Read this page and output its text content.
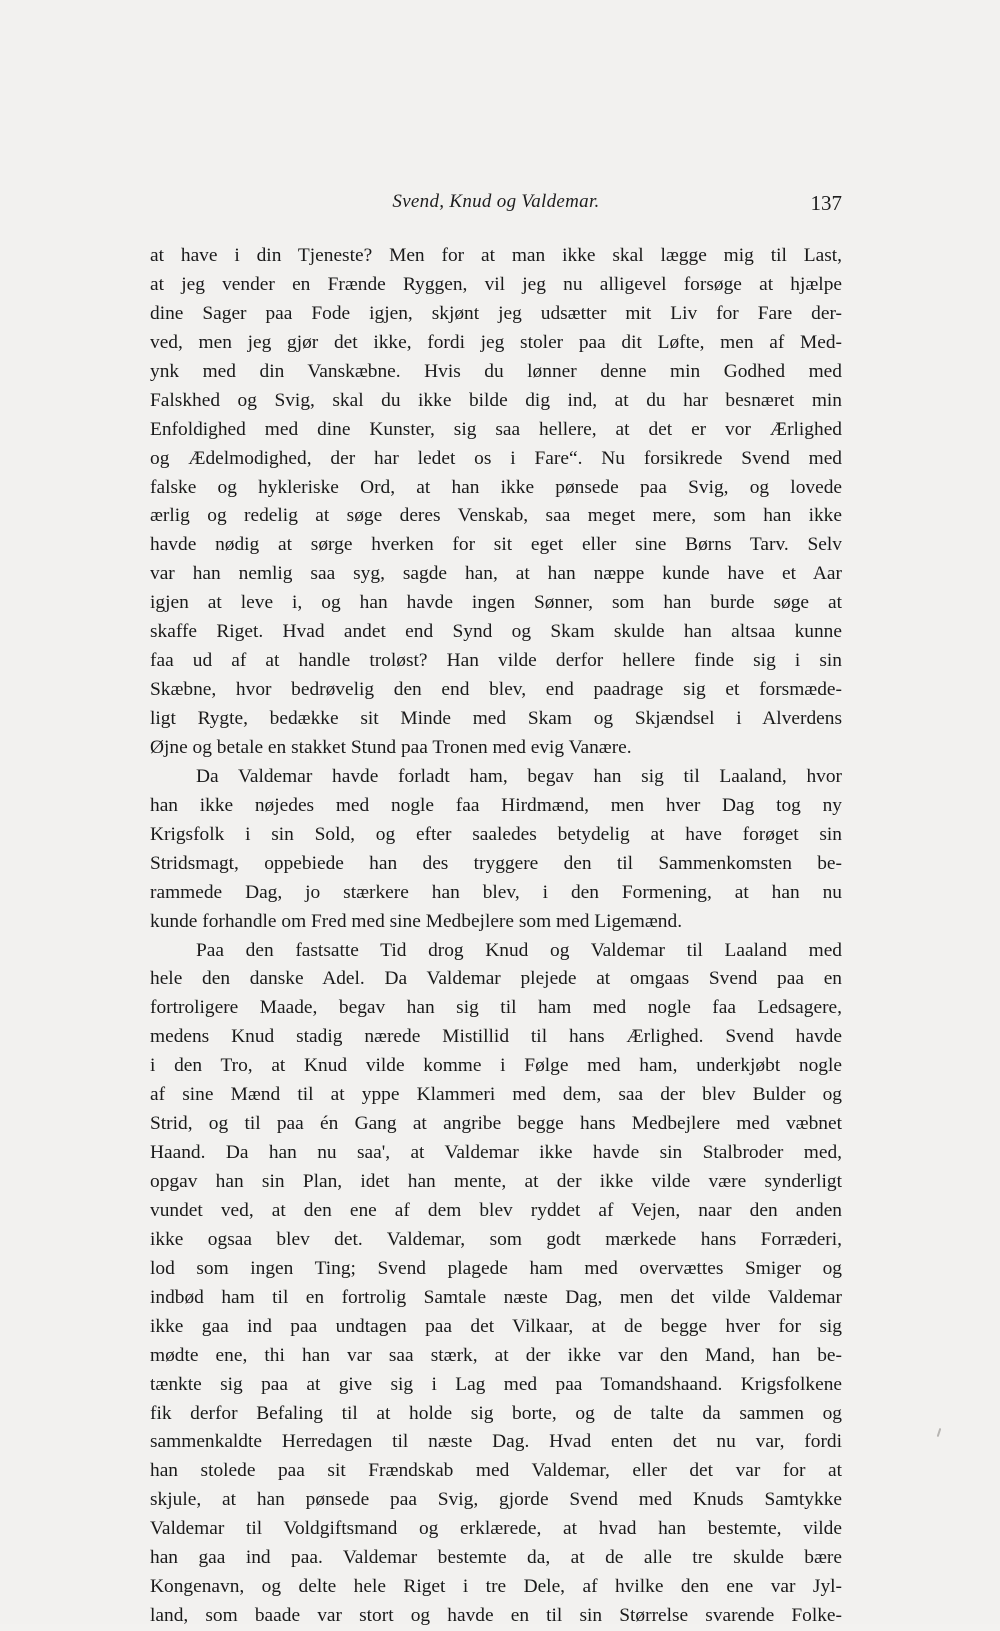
Svend, Knud og Valdemar.	137
at have i din Tjeneste? Men for at man ikke skal lægge mig til Last,
at jeg vender en Frænde Ryggen, vil jeg nu alligevel forsøge at hjælpe
dine Sager paa Fode igjen, skjønt jeg udsætter mit Liv for Fare der-
ved, men jeg gjør det ikke, fordi jeg stoler paa dit Løfte, men af Med-
ynk med din Vanskæbne. Hvis du lønner denne min Godhed med
Falskhed og Svig, skal du ikke bilde dig ind, at du har besnæret min
Enfoldighed med dine Kunster, sig saa hellere, at det er vor Ærlighed
og Ædelmodighed, der har ledet os i Fare“. Nu forsikrede Svend med
falske og hykleriske Ord, at han ikke pønsede paa Svig, og lovede
ærlig og redelig at søge deres Venskab, saa meget mere, som han ikke
havde nødig at sørge hverken for sit eget eller sine Børns Tarv. Selv
var han nemlig saa syg, sagde han, at han næppe kunde have et Aar
igjen at leve i, og han havde ingen Sønner, som han burde søge at
skaffe Riget. Hvad andet end Synd og Skam skulde han altsaa kunne
faa ud af at handle troløst? Han vilde derfor hellere finde sig i sin
Skæbne, hvor bedrøvelig den end blev, end paadrage sig et forsmæde-
ligt Rygte, bedække sit Minde med Skam og Skjændsel i Alverdens
Øjne og betale en stakket Stund paa Tronen med evig Vanære.
Da Valdemar havde forladt ham, begav han sig til Laaland, hvor
han ikke nøjedes med nogle faa Hirdmænd, men hver Dag tog ny
Krigsfolk i sin Sold, og efter saaledes betydelig at have forøget sin
Stridsmagt, oppebiede han des tryggere den til Sammenkomsten be-
rammede Dag, jo stærkere han blev, i den Formening, at han nu
kunde forhandle om Fred med sine Medbejlere som med Ligemænd.
Paa den fastsatte Tid drog Knud og Valdemar til Laaland med
hele den danske Adel. Da Valdemar plejede at omgaas Svend paa en
fortroligere Maade, begav han sig til ham med nogle faa Ledsagere,
medens Knud stadig nærede Mistillid til hans Ærlighed. Svend havde
i den Tro, at Knud vilde komme i Følge med ham, underkjøbt nogle
af sine Mænd til at yppe Klammeri med dem, saa der blev Bulder og
Strid, og til paa én Gang at angribe begge hans Medbejlere med væbnet
Haand. Da han nu saa', at Valdemar ikke havde sin Stalbroder med,
opgav han sin Plan, idet han mente, at der ikke vilde være synderligt
vundet ved, at den ene af dem blev ryddet af Vejen, naar den anden
ikke ogsaa blev det. Valdemar, som godt mærkede hans Forræderi,
lod som ingen Ting; Svend plagede ham med overvættes Smiger og
indbød ham til en fortrolig Samtale næste Dag, men det vilde Valdemar
ikke gaa ind paa undtagen paa det Vilkaar, at de begge hver for sig
mødte ene, thi han var saa stærk, at der ikke var den Mand, han be-
tænkte sig paa at give sig i Lag med paa Tomandshaand. Krigsfolkene
fik derfor Befaling til at holde sig borte, og de talte da sammen og
sammenkaldte Herredagen til næste Dag. Hvad enten det nu var, fordi
han stolede paa sit Frændskab med Valdemar, eller det var for at
skjule, at han pønsede paa Svig, gjorde Svend med Knuds Samtykke
Valdemar til Voldgiftsmand og erklærede, at hvad han bestemte, vilde
han gaa ind paa. Valdemar bestemte da, at de alle tre skulde bære
Kongenavn, og delte hele Riget i tre Dele, af hvilke den ene var Jyl-
land, som baade var stort og havde en til sin Størrelse svarende Folke-
